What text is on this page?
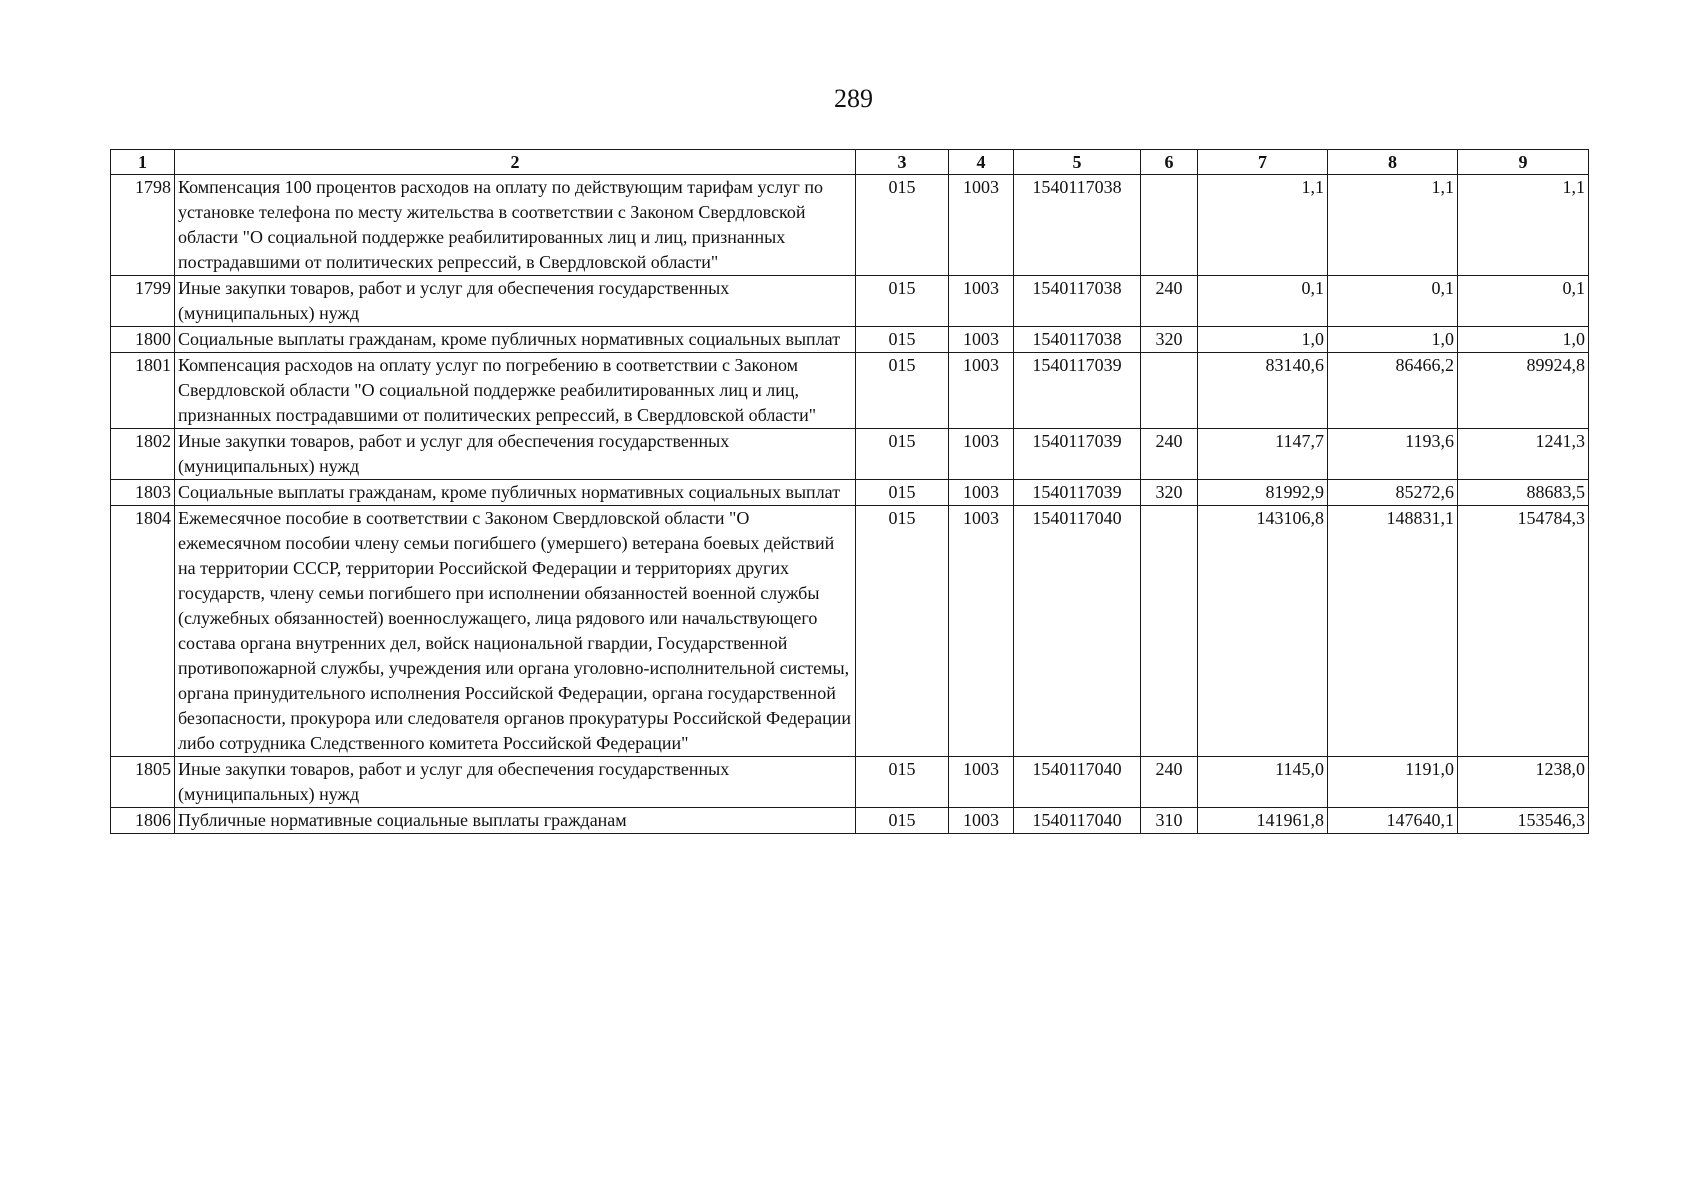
289
1	2	3	4	5	6	7	8	9
1798	Компенсация 100 процентов расходов на оплату по действующим тарифам услуг по установке телефона по месту жительства в соответствии с Законом Свердловской области "О социальной поддержке реабилитированных лиц и лиц, признанных пострадавшими от политических репрессий, в Свердловской области"	015	1003	1540117038		1,1	1,1	1,1
1799	Иные закупки товаров, работ и услуг для обеспечения государственных (муниципальных) нужд	015	1003	1540117038	240	0,1	0,1	0,1
1800	Социальные выплаты гражданам, кроме публичных нормативных социальных выплат	015	1003	1540117038	320	1,0	1,0	1,0
1801	Компенсация расходов на оплату услуг по погребению в соответствии с Законом Свердловской области "О социальной поддержке реабилитированных лиц и лиц, признанных пострадавшими от политических репрессий, в Свердловской области"	015	1003	1540117039		83140,6	86466,2	89924,8
1802	Иные закупки товаров, работ и услуг для обеспечения государственных (муниципальных) нужд	015	1003	1540117039	240	1147,7	1193,6	1241,3
1803	Социальные выплаты гражданам, кроме публичных нормативных социальных выплат	015	1003	1540117039	320	81992,9	85272,6	88683,5
1804	Ежемесячное пособие в соответствии с Законом Свердловской области "О ежемесячном пособии члену семьи погибшего (умершего) ветерана боевых действий на территории СССР, территории Российской Федерации и территориях других государств, члену семьи погибшего при исполнении обязанностей военной службы (служебных обязанностей) военнослужащего, лица рядового или начальствующего состава органа внутренних дел, войск национальной гвардии, Государственной противопожарной службы, учреждения или органа уголовно-исполнительной системы, органа принудительного исполнения Российской Федерации, органа государственной безопасности, прокурора или следователя органов прокуратуры Российской Федерации либо сотрудника Следственного комитета Российской Федерации"	015	1003	1540117040		143106,8	148831,1	154784,3
1805	Иные закупки товаров, работ и услуг для обеспечения государственных (муниципальных) нужд	015	1003	1540117040	240	1145,0	1191,0	1238,0
1806	Публичные нормативные социальные выплаты гражданам	015	1003	1540117040	310	141961,8	147640,1	153546,3
